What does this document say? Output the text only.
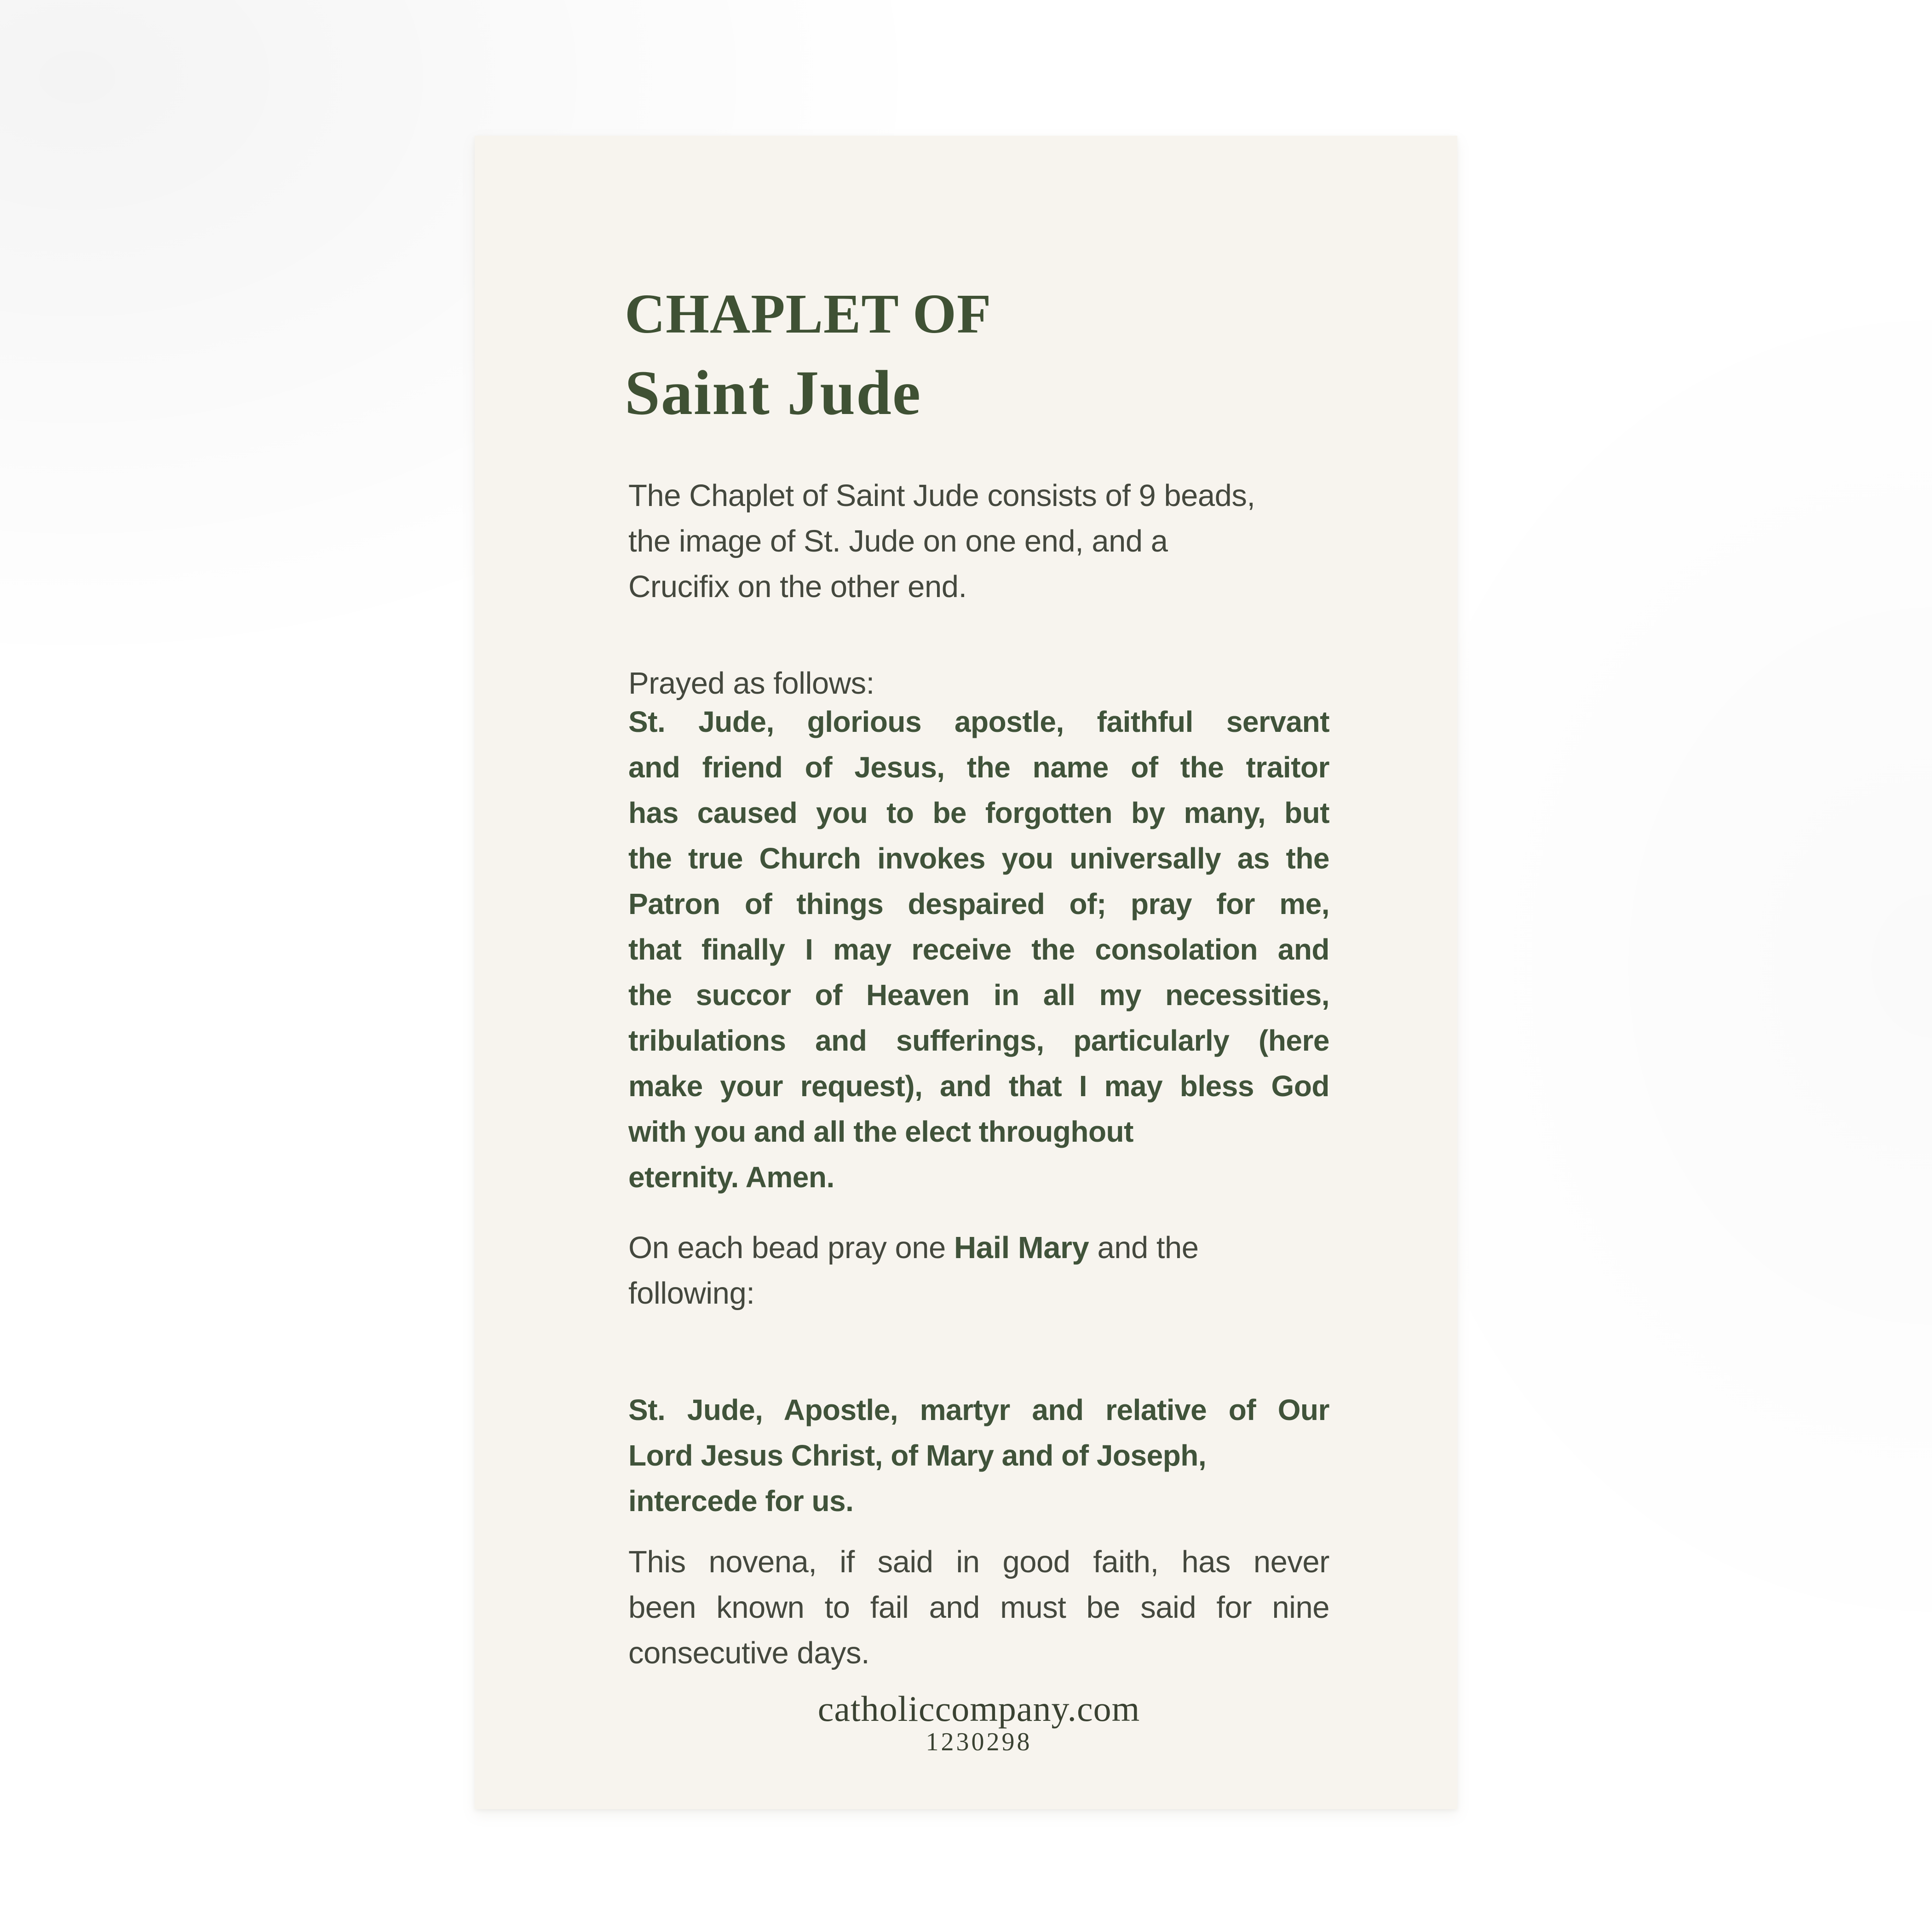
CHAPLET OF
Saint Jude
The Chaplet of Saint Jude consists of 9 beads,
the image of St. Jude on one end, and a
Crucifix on the other end.
Prayed as follows:
St. Jude, glorious apostle, faithful servant
and friend of Jesus, the name of the traitor
has caused you to be forgotten by many, but
the true Church invokes you universally as the
Patron of things despaired of; pray for me,
that finally I may receive the consolation and
the succor of Heaven in all my necessities,
tribulations and sufferings, particularly (here
make your request), and that I may bless God
with you and all the elect throughout
eternity. Amen.
On each bead pray one Hail Mary and the
following:
St. Jude, Apostle, martyr and relative of Our
Lord Jesus Christ, of Mary and of Joseph,
intercede for us.
This novena, if said in good faith, has never
been known to fail and must be said for nine
consecutive days.
catholiccompany.com
1230298
